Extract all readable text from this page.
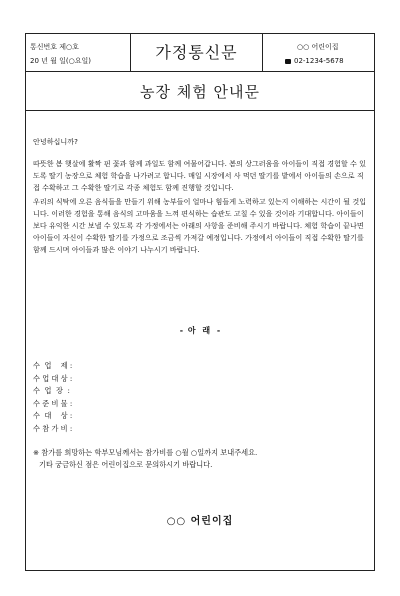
통신번호 제○호
20 년 월 일(○요일)	가정통신문	○○ 어린이집
02-1234-5678
농장 체험 안내문

안녕하십니까?

따뜻한 봄 햇살에 활짝 핀 꽃과 함께 과일도 함께 여물어갑니다. 봄의 상그러움을 아이들이 직접 경험할 수 있도록 딸기 농장으로 체험 학습을 나가려고 합니다. 매일 시장에서 사 먹던 딸기를 밭에서 아이들의 손으로 직접 수확하고 그 수확한 딸기로 각종 체험도 함께 진행할 것입니다.

우리의 식탁에 오른 음식들을 만들기 위해 농부들이 얼마나 힘들게 노력하고 있는지 이해하는 시간이 될 것입니다. 이러한 경험을 통해 음식의 고마움을 느껴 편식하는 습관도 고칠 수 있을 것이라 기대합니다. 아이들이 보다 유익한 시간 보낼 수 있도록 각 가정에서는 아래의 사항을 준비해 주시기 바랍니다. 체험 학습이 끝나면 아이들이 자신이 수확한 딸기를 가정으로 조금씩 가져갈 예정입니다. 가정에서 아이들이 직접 수확한 딸기를 함께 드시며 아이들과 많은 이야기 나누시기 바랍니다.

- 아 래 -
수  업    제 :
수 업 대 상 :
수  업  장  :
수 준 비 물 :
수  대    상 :
수 참 가 비 :
※ 참가를 희망하는 학부모님께서는 참가비를 ○월 ○일까지 보내주세요.
기타 궁금하신 점은 어린이집으로 문의하시기 바랍니다.
○○ 어린이집
